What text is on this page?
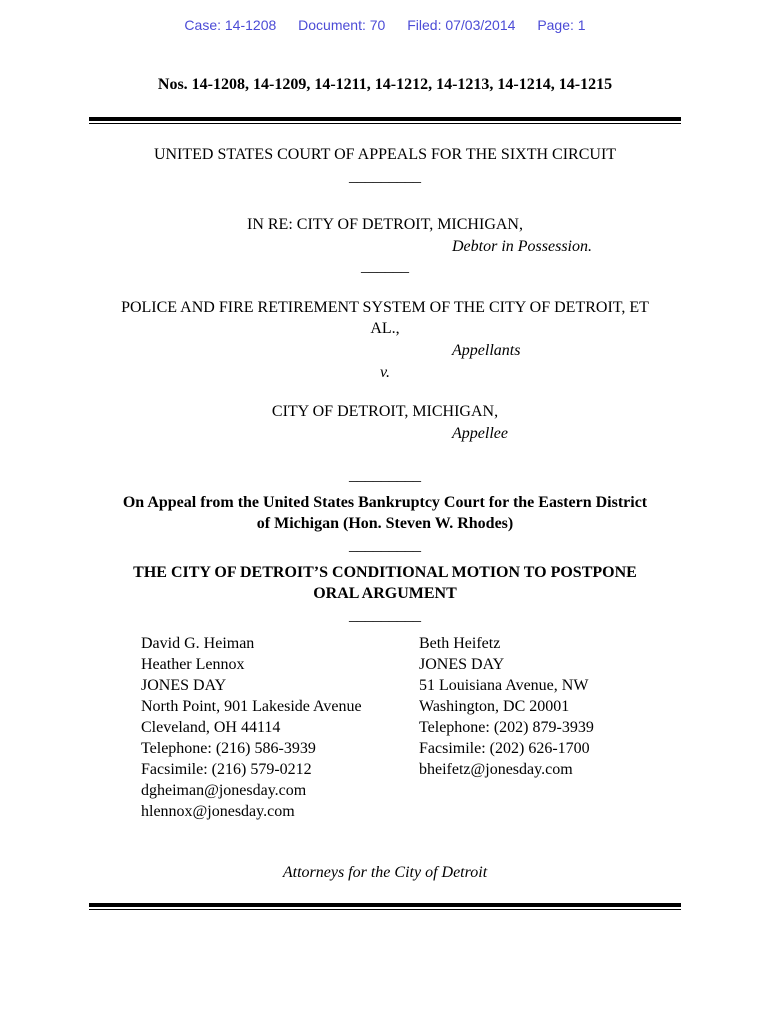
Case: 14-1208 Document: 70 Filed: 07/03/2014 Page: 1
Nos. 14-1208, 14-1209, 14-1211, 14-1212, 14-1213, 14-1214, 14-1215
UNITED STATES COURT OF APPEALS FOR THE SIXTH CIRCUIT
_________
IN RE: CITY OF DETROIT, MICHIGAN,
Debtor in Possession.
______
POLICE AND FIRE RETIREMENT SYSTEM OF THE CITY OF DETROIT, ET
AL.,
Appellants
v.
CITY OF DETROIT, MICHIGAN,
Appellee
_________
On Appeal from the United States Bankruptcy Court for the Eastern District
of Michigan (Hon. Steven W. Rhodes)
_________
THE CITY OF DETROIT’S CONDITIONAL MOTION TO POSTPONE
ORAL ARGUMENT
_________
David G. Heiman
Heather Lennox
JONES DAY
North Point, 901 Lakeside Avenue
Cleveland, OH 44114
Telephone: (216) 586-3939
Facsimile: (216) 579-0212
dgheiman@jonesday.com
hlennox@jonesday.com
Beth Heifetz
JONES DAY
51 Louisiana Avenue, NW
Washington, DC 20001
Telephone: (202) 879-3939
Facsimile: (202) 626-1700
bheifetz@jonesday.com
Attorneys for the City of Detroit
